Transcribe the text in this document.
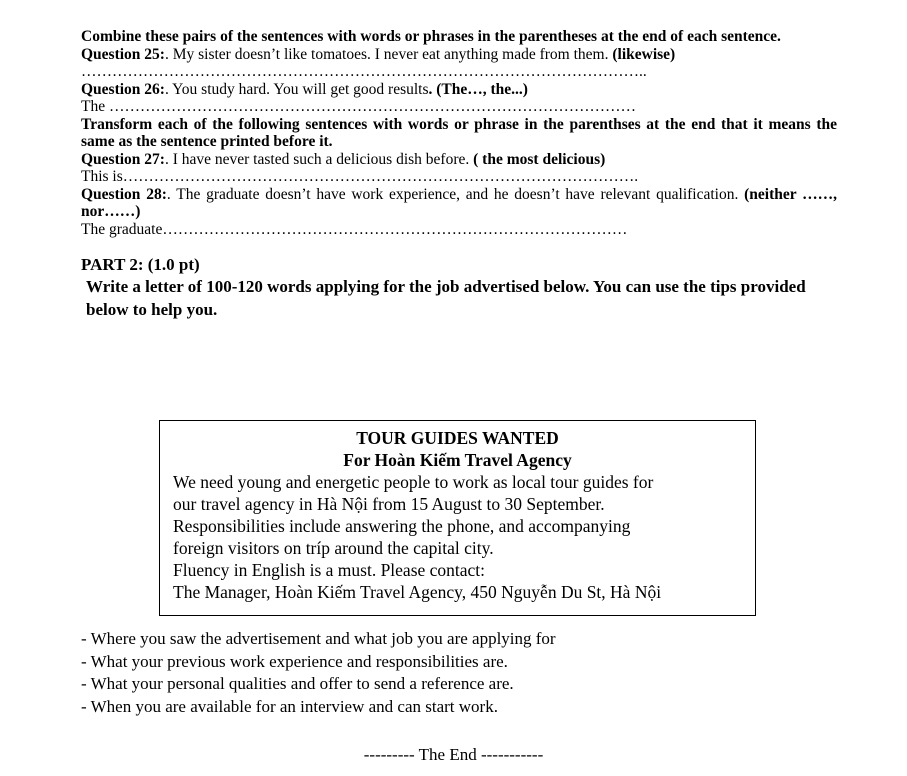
Combine these pairs of the sentences with words or phrases in the parentheses at the end of each sentence.

Question 25:. My sister doesn’t like tomatoes. I never eat anything made from them. (likewise)

………………………………………………………………………………………………..

Question 26:. You study hard. You will get good results. (The…, the...)

The …………………………………………………………………………………………

Transform each of the following sentences with words or phrase in the parenthses at the end that it means the same as the sentence printed before it.

Question 27:. I have never tasted such a delicious dish before. ( the most delicious)

This is……………………………………………………………………………………….

Question 28:. The graduate doesn’t have work experience, and he doesn’t have relevant qualification. (neither ……, nor……)

The graduate………………………………………………………………………………

PART 2: (1.0 pt)

Write a letter of 100-120 words applying for the job advertised below. You can use the tips provided below to help you.

TOUR GUIDES WANTED

For Hoàn Kiếm Travel Agency

We need young and energetic people to work as local tour guides for

our travel agency in Hà Nội from 15 August to 30 September.

Responsibilities include answering the phone, and accompanying

foreign visitors on tríp around the capital city.

Fluency in English is a must. Please contact:

The Manager, Hoàn Kiếm Travel Agency, 450 Nguyễn Du St, Hà Nội

- Where you saw the advertisement and what job you are applying for

- What your previous work experience and responsibilities are.

- What your personal qualities and offer to send a reference are.

- When you are available for an interview and can start work.

--------- The End -----------
